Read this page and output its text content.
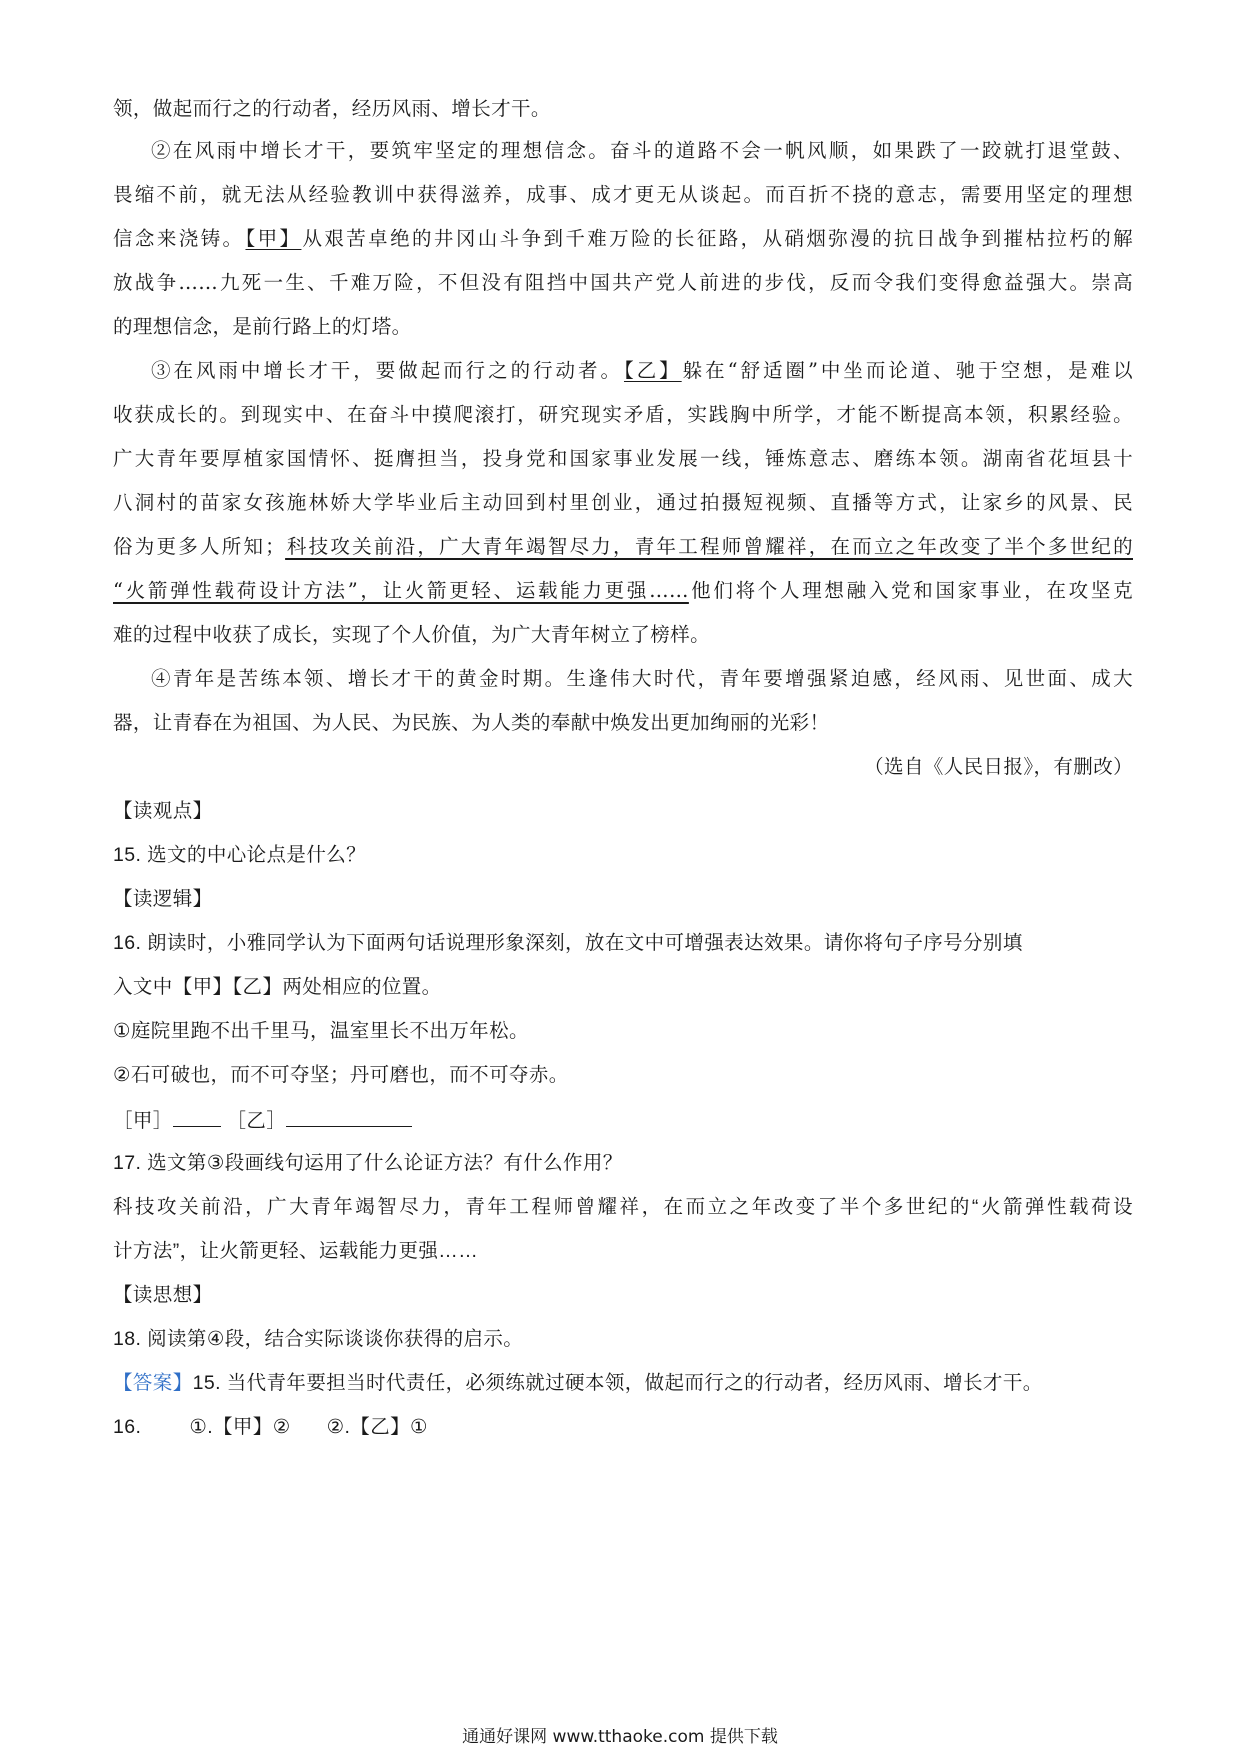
领，做起而行之的行动者，经历风雨、增长才干。
②在风雨中增长才干，要筑牢坚定的理想信念。奋斗的道路不会一帆风顺，如果跌了一跤就打退堂鼓、
畏缩不前，就无法从经验教训中获得滋养，成事、成才更无从谈起。而百折不挠的意志，需要用坚定的理想
信念来浇铸。【甲】从艰苦卓绝的井冈山斗争到千难万险的长征路，从硝烟弥漫的抗日战争到摧枯拉朽的解
放战争……九死一生、千难万险，不但没有阻挡中国共产党人前进的步伐，反而令我们变得愈益强大。崇高
的理想信念，是前行路上的灯塔。
③在风雨中增长才干，要做起而行之的行动者。【乙】躲在“舒适圈”中坐而论道、驰于空想，是难以
收获成长的。到现实中、在奋斗中摸爬滚打，研究现实矛盾，实践胸中所学，才能不断提高本领，积累经验。
广大青年要厚植家国情怀、挺膺担当，投身党和国家事业发展一线，锤炼意志、磨练本领。湖南省花垣县十
八洞村的苗家女孩施林娇大学毕业后主动回到村里创业，通过拍摄短视频、直播等方式，让家乡的风景、民
俗为更多人所知；科技攻关前沿，广大青年竭智尽力，青年工程师曾耀祥，在而立之年改变了半个多世纪的
“火箭弹性载荷设计方法”，让火箭更轻、运载能力更强……他们将个人理想融入党和国家事业，在攻坚克
难的过程中收获了成长，实现了个人价值，为广大青年树立了榜样。
④青年是苦练本领、增长才干的黄金时期。生逢伟大时代，青年要增强紧迫感，经风雨、见世面、成大
器，让青春在为祖国、为人民、为民族、为人类的奉献中焕发出更加绚丽的光彩！
（选自《人民日报》，有删改）
【读观点】
15. 选文的中心论点是什么？
【读逻辑】
16. 朗读时，小雅同学认为下面两句话说理形象深刻，放在文中可增强表达效果。请你将句子序号分别填
入文中【甲】【乙】两处相应的位置。
①庭院里跑不出千里马，温室里长不出万年松。
②石可破也，而不可夺坚；丹可磨也，而不可夺赤。
［甲］	［乙］
17. 选文第③段画线句运用了什么论证方法？有什么作用？
科技攻关前沿，广大青年竭智尽力，青年工程师曾耀祥，在而立之年改变了半个多世纪的“火箭弹性载荷设
计方法”，让火箭更轻、运载能力更强……
【读思想】
18. 阅读第④段，结合实际谈谈你获得的启示。
【答案】15. 当代青年要担当时代责任，必须练就过硬本领，做起而行之的行动者，经历风雨、增长才干。
16. ①.【甲】② ②.【乙】①
通通好课网 www.tthaoke.com 提供下载
